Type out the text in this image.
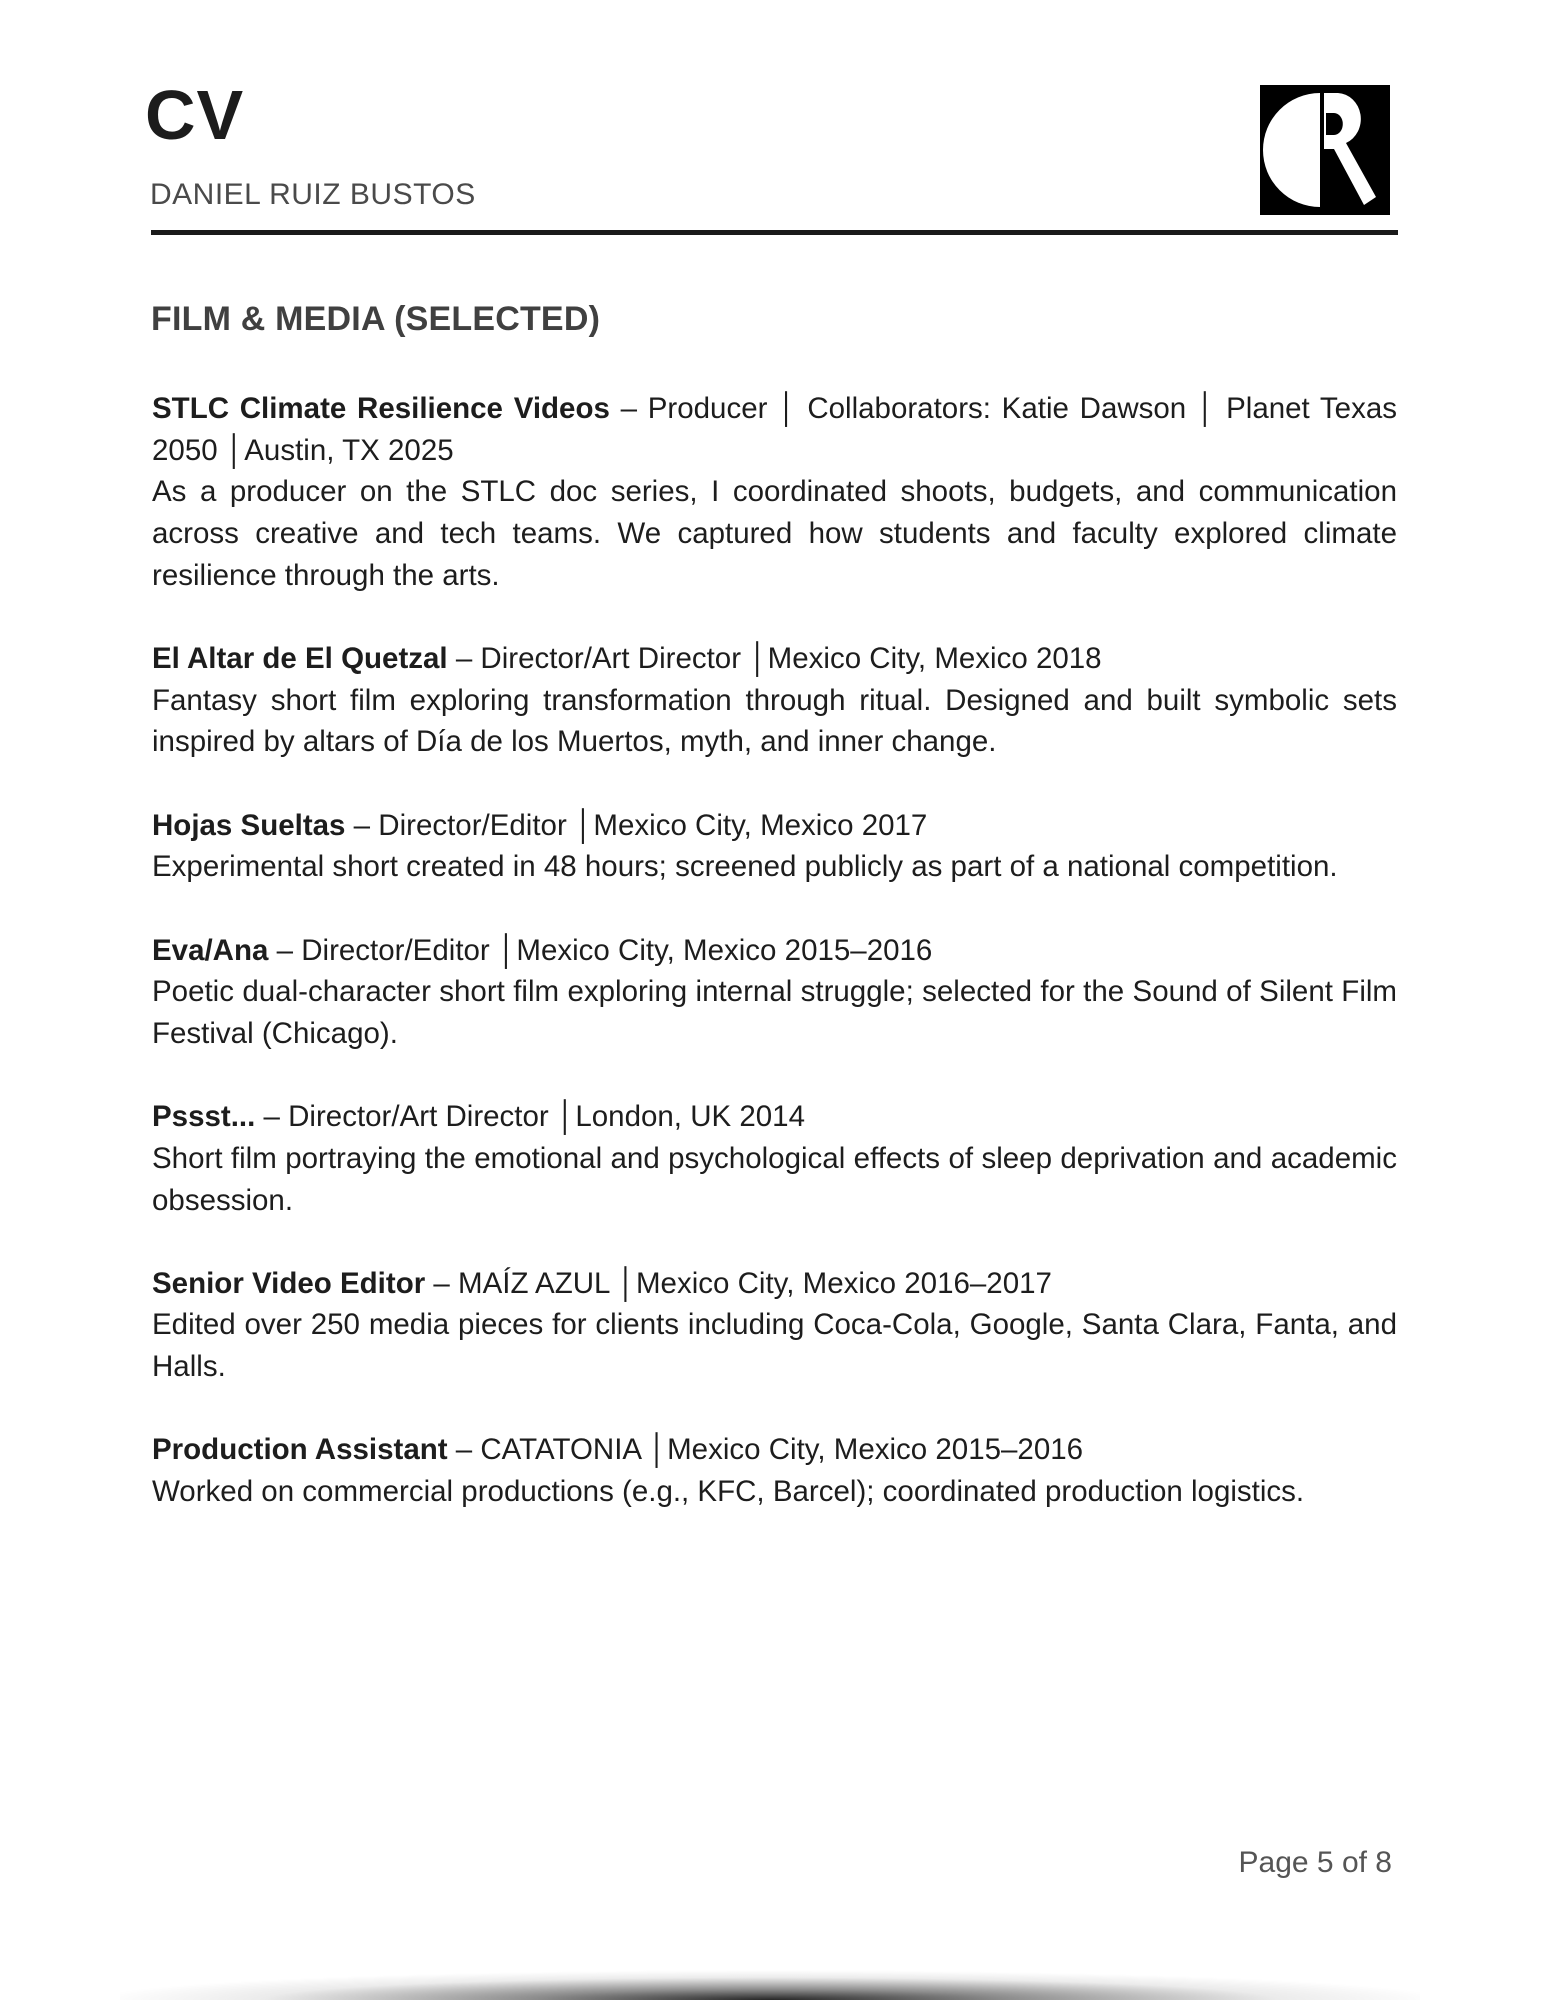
CV
DANIEL RUIZ BUSTOS
FILM & MEDIA (SELECTED)
STLC Climate Resilience Videos – Producer │ Collaborators: Katie Dawson │ Planet Texas 2050 │Austin, TX 2025
As a producer on the STLC doc series, I coordinated shoots, budgets, and communication across creative and tech teams. We captured how students and faculty explored climate resilience through the arts.
El Altar de El Quetzal – Director/Art Director │Mexico City, Mexico 2018
Fantasy short film exploring transformation through ritual. Designed and built symbolic sets inspired by altars of Día de los Muertos, myth, and inner change.
Hojas Sueltas – Director/Editor │Mexico City, Mexico 2017
Experimental short created in 48 hours; screened publicly as part of a national competition.
Eva/Ana – Director/Editor │Mexico City, Mexico 2015–2016
Poetic dual-character short film exploring internal struggle; selected for the Sound of Silent Film Festival (Chicago).
Pssst... – Director/Art Director │London, UK 2014
Short film portraying the emotional and psychological effects of sleep deprivation and academic obsession.
Senior Video Editor – MAÍZ AZUL │Mexico City, Mexico 2016–2017
Edited over 250 media pieces for clients including Coca-Cola, Google, Santa Clara, Fanta, and Halls.
Production Assistant – CATATONIA │Mexico City, Mexico 2015–2016
Worked on commercial productions (e.g., KFC, Barcel); coordinated production logistics.
Page 5 of 8
